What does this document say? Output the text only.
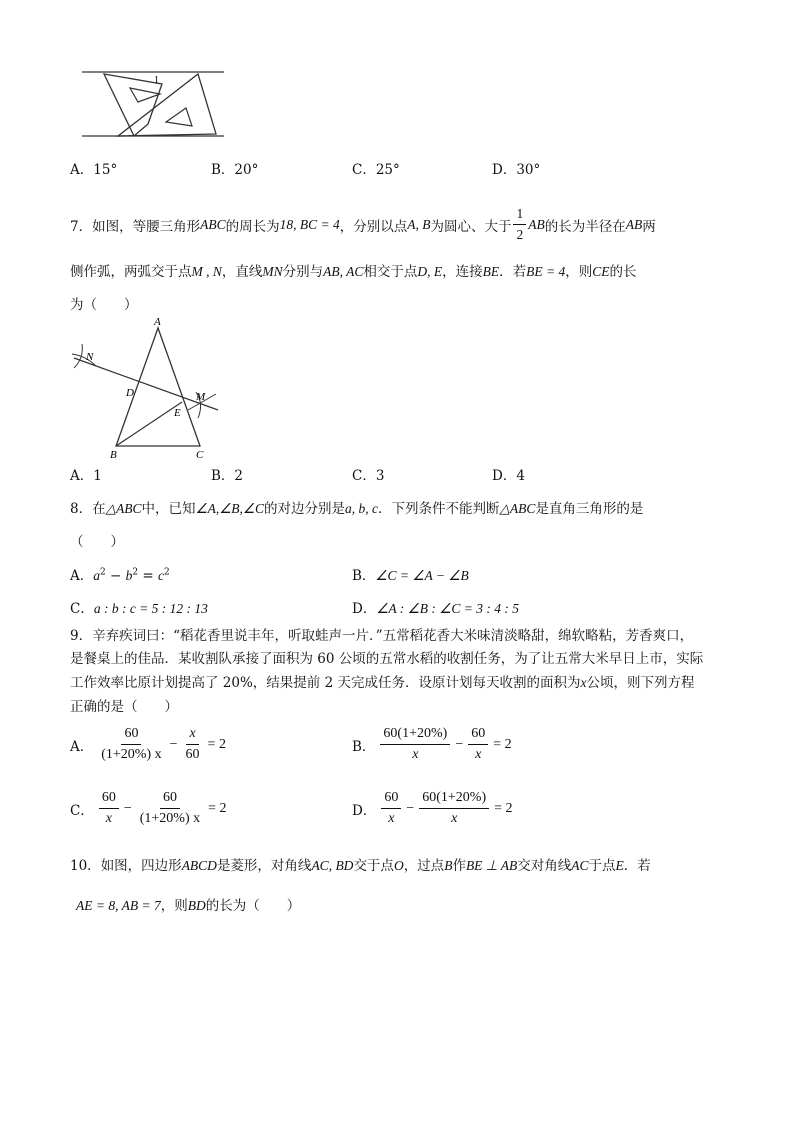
1
A．15°	B．20°	C．25°	D．30°
7． 如图，等腰三角形 ABC 的周长为 18, BC = 4 ，分别以点 A, B 为圆心、大于 $\frac{1}{2}$ AB 的长为半径在 AB 两
侧作弧，两弧交于点M , N，直线MN分别与AB, AC相交于点D, E，连接BE．若BE = 4，则CE的长
为（　　）
A
B	C
D
E
M
N
A．1	B．2	C．3	D．4
8．在△ABC中，已知∠A,∠B,∠C的对边分别是a, b, c．下列条件不能判断△ABC是直角三角形的是
（　　）
A．$a^2 - b^2 = c^2$	B．∠C = ∠A − ∠B
C．a : b : c = 5 : 12 : 13	D．∠A : ∠B : ∠C = 3 : 4 : 5
9．辛弃疾词曰：“稻花香里说丰年，听取蛙声一片．”五常稻花香大米味清淡略甜，绵软略粘，芳香爽口，
是餐桌上的佳品．某收割队承接了面积为 60 公顷的五常水稻的收割任务，为了让五常大米早日上市，实际
工作效率比原计划提高了 20%，结果提前 2 天完成任务．设原计划每天收割的面积为x公顷，则下列方程
正确的是（　　）
A． $\frac{60}{(1+20\%) x} - \frac{x}{60} = 2$	B． $\frac{60(1+20\%)}{x} - \frac{60}{x} = 2$
C． $\frac{60}{x} - \frac{60}{(1+20\%) x} = 2$	D． $\frac{60}{x} - \frac{60(1+20\%)}{x} = 2$
10．如图，四边形ABCD是菱形，对角线AC, BD交于点O，过点B作BE ⊥ AB交对角线AC于点E．若
AE = 8, AB = 7，则BD的长为（　　）
